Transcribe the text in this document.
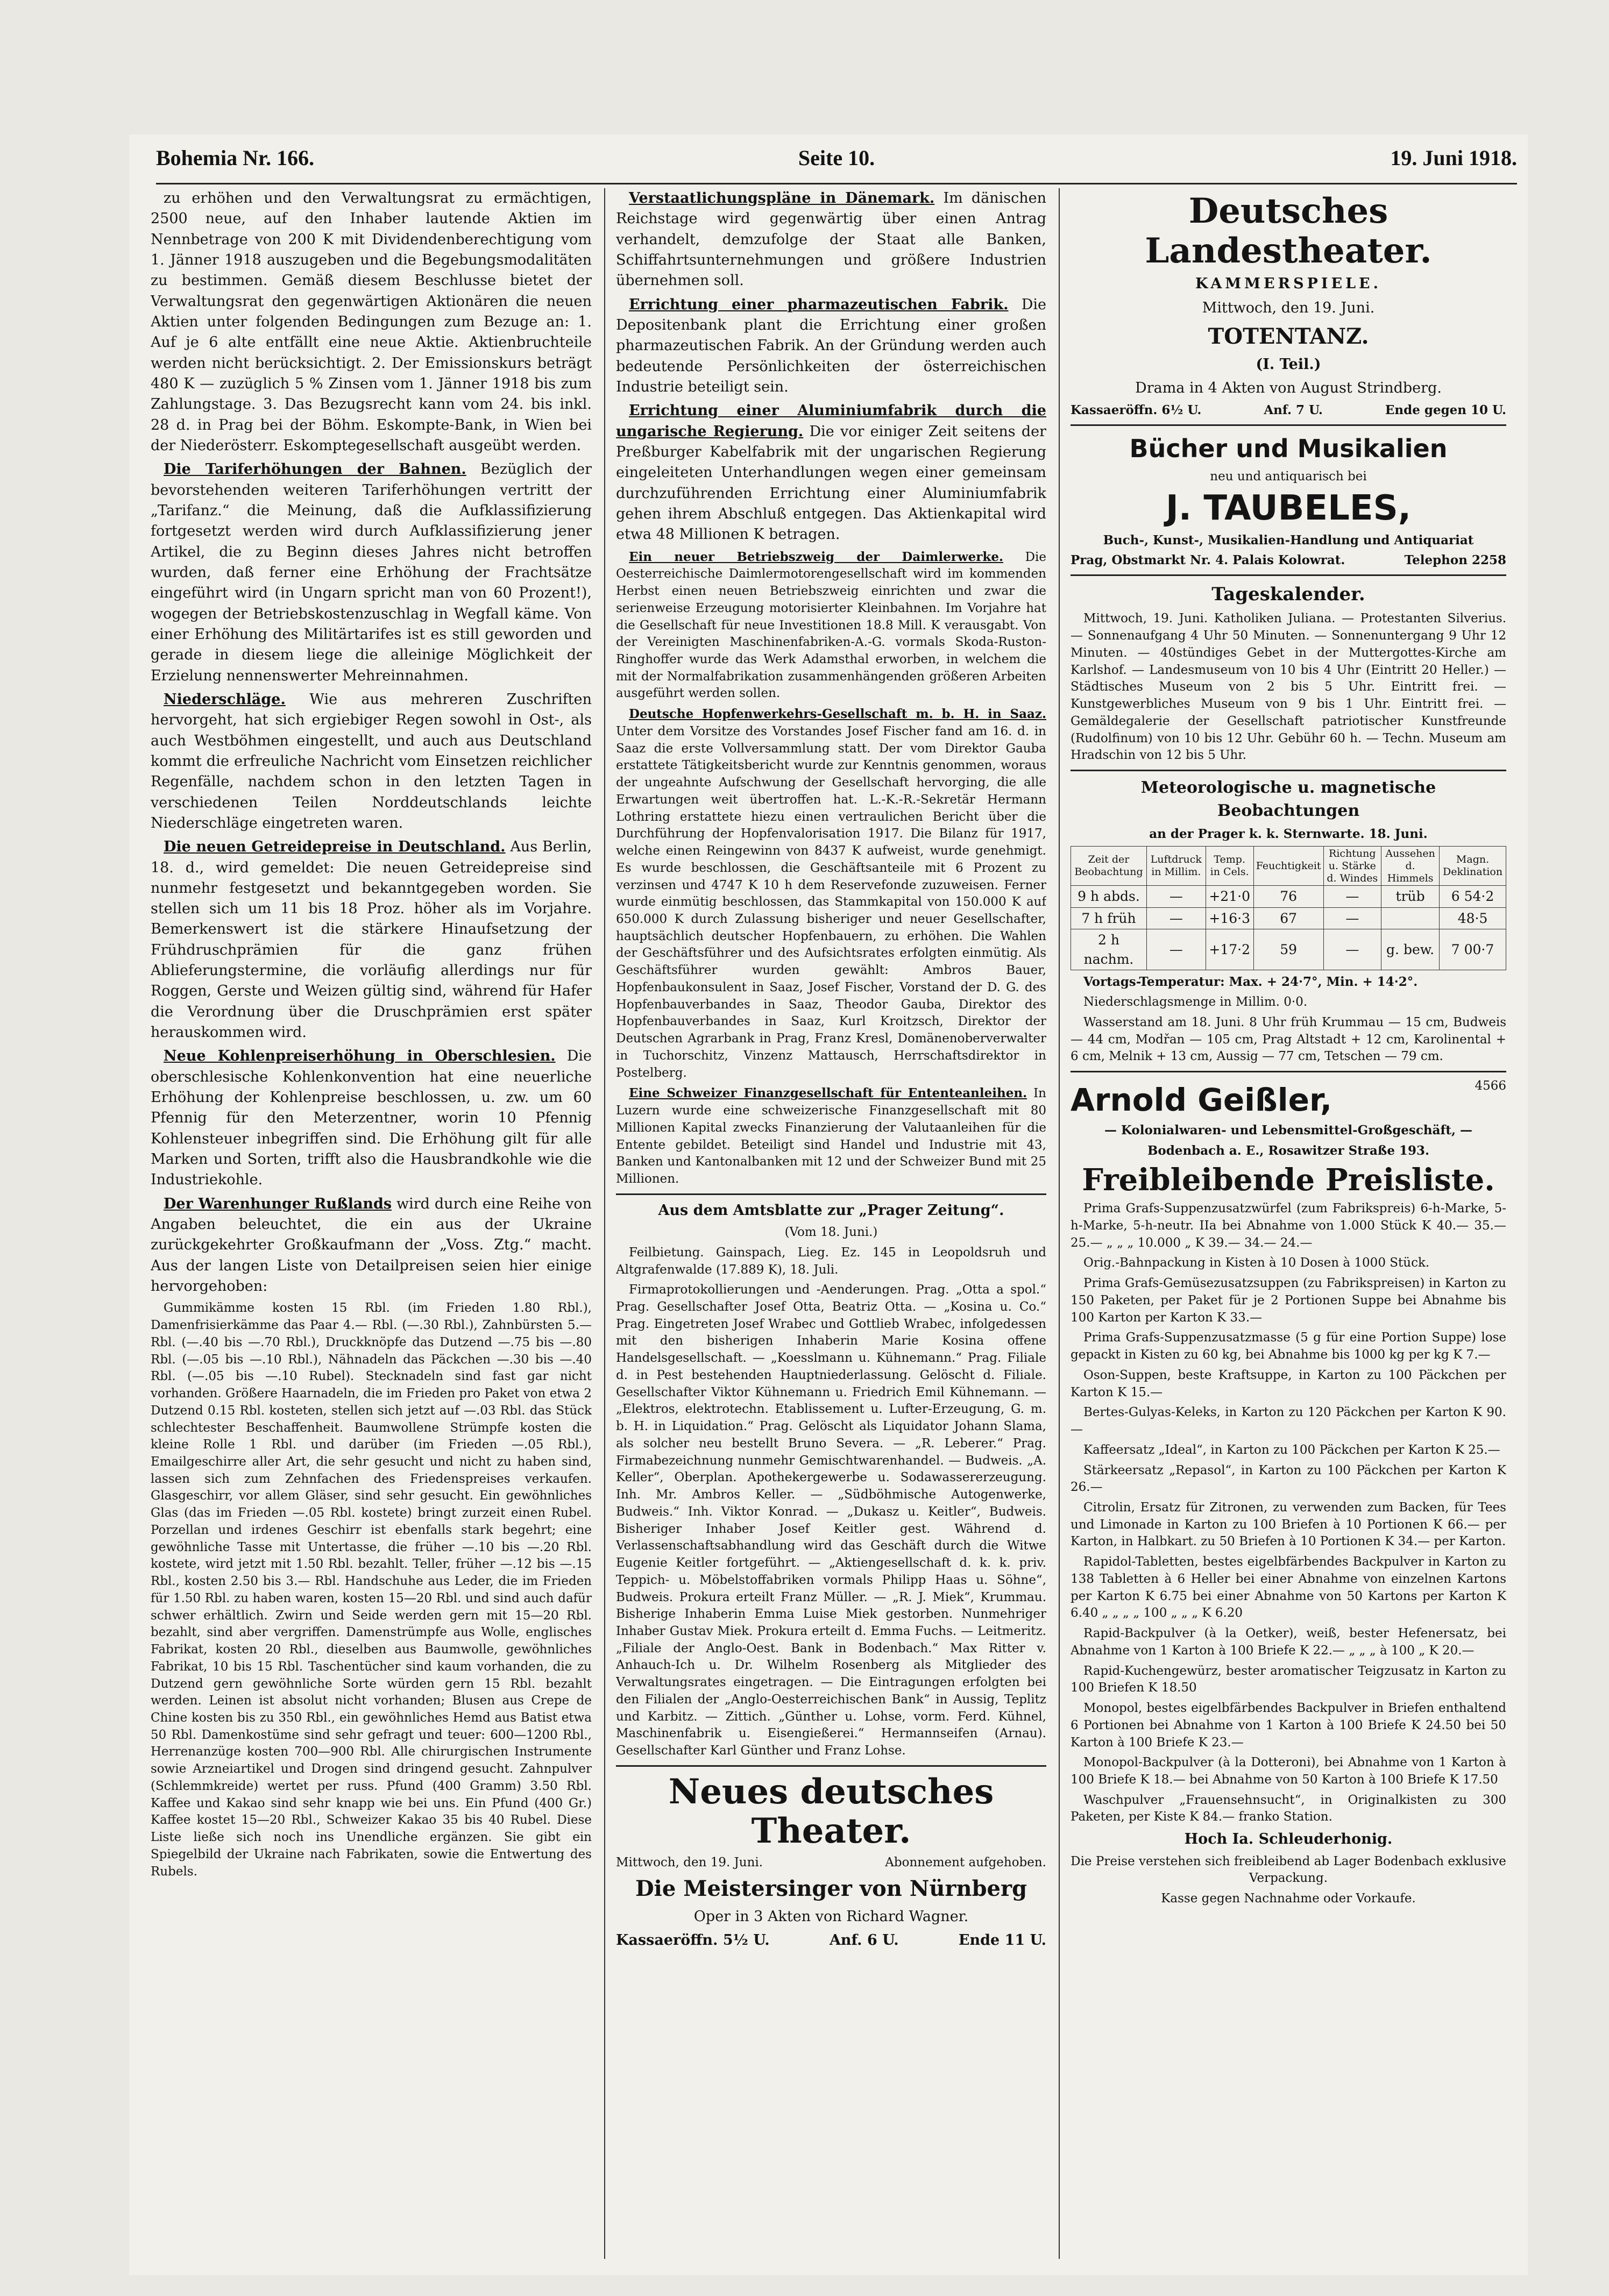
Bohemia Nr. 166.	Seite 10.	19. Juni 1918.

zu erhöhen und den Verwaltungsrat zu ermächtigen, 2500 neue, auf den Inhaber lautende Aktien im Nennbetrage von 200 K mit Dividendenberechtigung vom 1. Jänner 1918 auszugeben und die Begebungsmodalitäten zu bestimmen. Gemäß diesem Beschlusse bietet der Verwaltungsrat den gegenwärtigen Aktionären die neuen Aktien unter folgenden Bedingungen zum Bezuge an: 1. Auf je 6 alte entfällt eine neue Aktie. Aktienbruchteile werden nicht berücksichtigt. 2. Der Emissionskurs beträgt 480 K — zuzüglich 5 % Zinsen vom 1. Jänner 1918 bis zum Zahlungstage. 3. Das Bezugsrecht kann vom 24. bis inkl. 28 d. in Prag bei der Böhm. Eskompte-Bank, in Wien bei der Niederösterr. Eskomptegesellschaft ausgeübt werden.

Die Tariferhöhungen der Bahnen. Bezüglich der bevorstehenden weiteren Tariferhöhungen vertritt der „Tarifanz.“ die Meinung, daß die Aufklassifizierung fortgesetzt werden wird durch Aufklassifizierung jener Artikel, die zu Beginn dieses Jahres nicht betroffen wurden, daß ferner eine Erhöhung der Frachtsätze eingeführt wird (in Ungarn spricht man von 60 Prozent!), wogegen der Betriebskostenzuschlag in Wegfall käme. Von einer Erhöhung des Militärtarifes ist es still geworden und gerade in diesem liege die alleinige Möglichkeit der Erzielung nennenswerter Mehreinnahmen.

Niederschläge. Wie aus mehreren Zuschriften hervorgeht, hat sich ergiebiger Regen sowohl in Ost-, als auch Westböhmen eingestellt, und auch aus Deutschland kommt die erfreuliche Nachricht vom Einsetzen reichlicher Regenfälle, nachdem schon in den letzten Tagen in verschiedenen Teilen Norddeutschlands leichte Niederschläge eingetreten waren.

Die neuen Getreidepreise in Deutschland. Aus Berlin, 18. d., wird gemeldet: Die neuen Getreidepreise sind nunmehr festgesetzt und bekanntgegeben worden. Sie stellen sich um 11 bis 18 Proz. höher als im Vorjahre. Bemerkenswert ist die stärkere Hinaufsetzung der Frühdruschprämien für die ganz frühen Ablieferungstermine, die vorläufig allerdings nur für Roggen, Gerste und Weizen gültig sind, während für Hafer die Verordnung über die Druschprämien erst später herauskommen wird.

Neue Kohlenpreiserhöhung in Oberschlesien. Die oberschlesische Kohlenkonvention hat eine neuerliche Erhöhung der Kohlenpreise beschlossen, u. zw. um 60 Pfennig für den Meterzentner, worin 10 Pfennig Kohlensteuer inbegriffen sind. Die Erhöhung gilt für alle Marken und Sorten, trifft also die Hausbrandkohle wie die Industriekohle.

Der Warenhunger Rußlands wird durch eine Reihe von Angaben beleuchtet, die ein aus der Ukraine zurückgekehrter Großkaufmann der „Voss. Ztg.“ macht. Aus der langen Liste von Detailpreisen seien hier einige hervorgehoben:

Gummikämme kosten 15 Rbl. (im Frieden 1.80 Rbl.), Damenfrisierkämme das Paar 4.— Rbl. (—.30 Rbl.), Zahnbürsten 5.— Rbl. (—.40 bis —.70 Rbl.), Druckknöpfe das Dutzend —.75 bis —.80 Rbl. (—.05 bis —.10 Rbl.), Nähnadeln das Päckchen —.30 bis —.40 Rbl. (—.05 bis —.10 Rubel). Stecknadeln sind fast gar nicht vorhanden. Größere Haarnadeln, die im Frieden pro Paket von etwa 2 Dutzend 0.15 Rbl. kosteten, stellen sich jetzt auf —.03 Rbl. das Stück schlechtester Beschaffenheit. Baumwollene Strümpfe kosten die kleine Rolle 1 Rbl. und darüber (im Frieden —.05 Rbl.), Emailgeschirre aller Art, die sehr gesucht und nicht zu haben sind, lassen sich zum Zehnfachen des Friedenspreises verkaufen. Glasgeschirr, vor allem Gläser, sind sehr gesucht. Ein gewöhnliches Glas (das im Frieden —.05 Rbl. kostete) bringt zurzeit einen Rubel. Porzellan und irdenes Geschirr ist ebenfalls stark begehrt; eine gewöhnliche Tasse mit Untertasse, die früher —.10 bis —.20 Rbl. kostete, wird jetzt mit 1.50 Rbl. bezahlt. Teller, früher —.12 bis —.15 Rbl., kosten 2.50 bis 3.— Rbl. Handschuhe aus Leder, die im Frieden für 1.50 Rbl. zu haben waren, kosten 15—20 Rbl. und sind auch dafür schwer erhältlich. Zwirn und Seide werden gern mit 15—20 Rbl. bezahlt, sind aber vergriffen. Damenstrümpfe aus Wolle, englisches Fabrikat, kosten 20 Rbl., dieselben aus Baumwolle, gewöhnliches Fabrikat, 10 bis 15 Rbl. Taschentücher sind kaum vorhanden, die zu Dutzend gern gewöhnliche Sorte würden gern 15 Rbl. bezahlt werden. Leinen ist absolut nicht vorhanden; Blusen aus Crepe de Chine kosten bis zu 350 Rbl., ein gewöhnliches Hemd aus Batist etwa 50 Rbl. Damenkostüme sind sehr gefragt und teuer: 600—1200 Rbl., Herrenanzüge kosten 700—900 Rbl. Alle chirurgischen Instrumente sowie Arzneiartikel und Drogen sind dringend gesucht. Zahnpulver (Schlemmkreide) wertet per russ. Pfund (400 Gramm) 3.50 Rbl. Kaffee und Kakao sind sehr knapp wie bei uns. Ein Pfund (400 Gr.) Kaffee kostet 15—20 Rbl., Schweizer Kakao 35 bis 40 Rubel. Diese Liste ließe sich noch ins Unendliche ergänzen. Sie gibt ein Spiegelbild der Ukraine nach Fabrikaten, sowie die Entwertung des Rubels.

Verstaatlichungspläne in Dänemark. Im dänischen Reichstage wird gegenwärtig über einen Antrag verhandelt, demzufolge der Staat alle Banken, Schiffahrtsunternehmungen und größere Industrien übernehmen soll.

Errichtung einer pharmazeutischen Fabrik. Die Depositenbank plant die Errichtung einer großen pharmazeutischen Fabrik. An der Gründung werden auch bedeutende Persönlichkeiten der österreichischen Industrie beteiligt sein.

Errichtung einer Aluminiumfabrik durch die ungarische Regierung. Die vor einiger Zeit seitens der Preßburger Kabelfabrik mit der ungarischen Regierung eingeleiteten Unterhandlungen wegen einer gemeinsam durchzuführenden Errichtung einer Aluminiumfabrik gehen ihrem Abschluß entgegen. Das Aktienkapital wird etwa 48 Millionen K betragen.

Ein neuer Betriebszweig der Daimlerwerke. Die Oesterreichische Daimlermotorengesellschaft wird im kommenden Herbst einen neuen Betriebszweig einrichten und zwar die serienweise Erzeugung motorisierter Kleinbahnen. Im Vorjahre hat die Gesellschaft für neue Investitionen 18.8 Mill. K verausgabt. Von der Vereinigten Maschinenfabriken-A.-G. vormals Skoda-Ruston-Ringhoffer wurde das Werk Adamsthal erworben, in welchem die mit der Normalfabrikation zusammenhängenden größeren Arbeiten ausgeführt werden sollen.

Deutsche Hopfenwerkehrs-Gesellschaft m. b. H. in Saaz. Unter dem Vorsitze des Vorstandes Josef Fischer fand am 16. d. in Saaz die erste Vollversammlung statt. Der vom Direktor Gauba erstattete Tätigkeitsbericht wurde zur Kenntnis genommen, woraus der ungeahnte Aufschwung der Gesellschaft hervorging, die alle Erwartungen weit übertroffen hat. L.-K.-R.-Sekretär Hermann Lothring erstattete hiezu einen vertraulichen Bericht über die Durchführung der Hopfenvalorisation 1917. Die Bilanz für 1917, welche einen Reingewinn von 8437 K aufweist, wurde genehmigt. Es wurde beschlossen, die Geschäftsanteile mit 6 Prozent zu verzinsen und 4747 K 10 h dem Reservefonde zuzuweisen. Ferner wurde einmütig beschlossen, das Stammkapital von 150.000 K auf 650.000 K durch Zulassung bisheriger und neuer Gesellschafter, hauptsächlich deutscher Hopfenbauern, zu erhöhen. Die Wahlen der Geschäftsführer und des Aufsichtsrates erfolgten einmütig. Als Geschäftsführer wurden gewählt: Ambros Bauer, Hopfenbaukonsulent in Saaz, Josef Fischer, Vorstand der D. G. des Hopfenbauverbandes in Saaz, Theodor Gauba, Direktor des Hopfenbauverbandes in Saaz, Kurl Kroitzsch, Direktor der Deutschen Agrarbank in Prag, Franz Kresl, Domänenoberverwalter in Tuchorschitz, Vinzenz Mattausch, Herrschaftsdirektor in Postelberg.

Eine Schweizer Finanzgesellschaft für Ententeanleihen. In Luzern wurde eine schweizerische Finanzgesellschaft mit 80 Millionen Kapital zwecks Finanzierung der Valutaanleihen für die Entente gebildet. Beteiligt sind Handel und Industrie mit 43, Banken und Kantonalbanken mit 12 und der Schweizer Bund mit 25 Millionen.

Aus dem Amtsblatte zur „Prager Zeitung“.

(Vom 18. Juni.)

Feilbietung. Gainspach, Lieg. Ez. 145 in Leopoldsruh und Altgrafenwalde (17.889 K), 18. Juli.

Firmaprotokollierungen und -Aenderungen. Prag. „Otta a spol.“ Prag. Gesellschafter Josef Otta, Beatriz Otta. — „Kosina u. Co.“ Prag. Eingetreten Josef Wrabec und Gottlieb Wrabec, infolgedessen mit den bisherigen Inhaberin Marie Kosina offene Handelsgesellschaft. — „Koesslmann u. Kühnemann.“ Prag. Filiale d. in Pest bestehenden Hauptniederlassung. Gelöscht d. Filiale. Gesellschafter Viktor Kühnemann u. Friedrich Emil Kühnemann. — „Elektros, elektrotechn. Etablissement u. Lufter-Erzeugung, G. m. b. H. in Liquidation.“ Prag. Gelöscht als Liquidator Johann Slama, als solcher neu bestellt Bruno Severa. — „R. Leberer.“ Prag. Firmabezeichnung nunmehr Gemischtwarenhandel. — Budweis. „A. Keller“, Oberplan. Apothekergewerbe u. Sodawassererzeugung. Inh. Mr. Ambros Keller. — „Südböhmische Autogenwerke, Budweis.“ Inh. Viktor Konrad. — „Dukasz u. Keitler“, Budweis. Bisheriger Inhaber Josef Keitler gest. Während d. Verlassenschaftsabhandlung wird das Geschäft durch die Witwe Eugenie Keitler fortgeführt. — „Aktiengesellschaft d. k. k. priv. Teppich- u. Möbelstoffabriken vormals Philipp Haas u. Söhne“, Budweis. Prokura erteilt Franz Müller. — „R. J. Miek“, Krummau. Bisherige Inhaberin Emma Luise Miek gestorben. Nunmehriger Inhaber Gustav Miek. Prokura erteilt d. Emma Fuchs. — Leitmeritz. „Filiale der Anglo-Oest. Bank in Bodenbach.“ Max Ritter v. Anhauch-Ich u. Dr. Wilhelm Rosenberg als Mitglieder des Verwaltungsrates eingetragen. — Die Eintragungen erfolgten bei den Filialen der „Anglo-Oesterreichischen Bank“ in Aussig, Teplitz und Karbitz. — Zittich. „Günther u. Lohse, vorm. Ferd. Kühnel, Maschinenfabrik u. Eisengießerei.“ Hermannseifen (Arnau). Gesellschafter Karl Günther und Franz Lohse.

Neues deutsches Theater.

Mittwoch, den 19. Juni.	Abonnement aufgehoben.

Die Meistersinger von Nürnberg

Oper in 3 Akten von Richard Wagner.

Kassaeröffn. 5½ U.	Anf. 6 U.	Ende 11 U.

Deutsches Landestheater.

KAMMERSPIELE.

Mittwoch, den 19. Juni.

TOTENTANZ.

(I. Teil.)

Drama in 4 Akten von August Strindberg.

Kassaeröffn. 6½ U.	Anf. 7 U.	Ende gegen 10 U.

Bücher und Musikalien

neu und antiquarisch bei

J. TAUBELES,

Buch-, Kunst-, Musikalien-Handlung und Antiquariat

Prag, Obstmarkt Nr. 4. Palais Kolowrat.	Telephon 2258

Tageskalender.

Mittwoch, 19. Juni. Katholiken Juliana. — Protestanten Silverius. — Sonnenaufgang 4 Uhr 50 Minuten. — Sonnenuntergang 9 Uhr 12 Minuten. — 40stündiges Gebet in der Muttergottes-Kirche am Karlshof. — Landesmuseum von 10 bis 4 Uhr (Eintritt 20 Heller.) — Städtisches Museum von 2 bis 5 Uhr. Eintritt frei. — Kunstgewerbliches Museum von 9 bis 1 Uhr. Eintritt frei. — Gemäldegalerie der Gesellschaft patriotischer Kunstfreunde (Rudolfinum) von 10 bis 12 Uhr. Gebühr 60 h. — Techn. Museum am Hradschin von 12 bis 5 Uhr.

Meteorologische u. magnetische Beobachtungen

an der Prager k. k. Sternwarte. 18. Juni.

Zeit der Beobachtung	Luftdruck in Millim.	Temp. in Cels.	Feuchtigkeit	Richtung u. Stärke d. Windes	Aussehen d. Himmels	Magn. Deklination
9 h abds.	—	+21·0	76	—	trüb	6 54·2
7 h früh	—	+16·3	67	—		48·5
2 h nachm.	—	+17·2	59	—	g. bew.	7 00·7

Vortags-Temperatur: Max. + 24·7°, Min. + 14·2°.

Niederschlagsmenge in Millim. 0·0.

Wasserstand am 18. Juni. 8 Uhr früh Krummau — 15 cm, Budweis — 44 cm, Modřan — 105 cm, Prag Altstadt + 12 cm, Karolinental + 6 cm, Melnik + 13 cm, Aussig — 77 cm, Tetschen — 79 cm.

Arnold Geißler,	4566

— Kolonialwaren- und Lebensmittel-Großgeschäft, —

Bodenbach a. E., Rosawitzer Straße 193.

Freibleibende Preisliste.

Prima Grafs-Suppenzusatzwürfel (zum Fabrikspreis) 6-h-Marke, 5-h-Marke, 5-h-neutr. IIa bei Abnahme von 1.000 Stück K 40.— 35.— 25.— „ „ „ 10.000 „ K 39.— 34.— 24.—

Orig.-Bahnpackung in Kisten à 10 Dosen à 1000 Stück.

Prima Grafs-Gemüsezusatzsuppen (zu Fabrikspreisen) in Karton zu 150 Paketen, per Paket für je 2 Portionen Suppe bei Abnahme bis 100 Karton per Karton K 33.—

Prima Grafs-Suppenzusatzmasse (5 g für eine Portion Suppe) lose gepackt in Kisten zu 60 kg, bei Abnahme bis 1000 kg per kg K 7.—

Oson-Suppen, beste Kraftsuppe, in Karton zu 100 Päckchen per Karton K 15.—

Bertes-Gulyas-Keleks, in Karton zu 120 Päckchen per Karton K 90.—

Kaffeersatz „Ideal“, in Karton zu 100 Päckchen per Karton K 25.—

Stärkeersatz „Repasol“, in Karton zu 100 Päckchen per Karton K 26.—

Citrolin, Ersatz für Zitronen, zu verwenden zum Backen, für Tees und Limonade in Karton zu 100 Briefen à 10 Portionen K 66.— per Karton, in Halbkart. zu 50 Briefen à 10 Portionen K 34.— per Karton.

Rapidol-Tabletten, bestes eigelbfärbendes Backpulver in Karton zu 138 Tabletten à 6 Heller bei einer Abnahme von einzelnen Kartons per Karton K 6.75 bei einer Abnahme von 50 Kartons per Karton K 6.40 „ „ „ „ 100 „ „ „ K 6.20

Rapid-Backpulver (à la Oetker), weiß, bester Hefenersatz, bei Abnahme von 1 Karton à 100 Briefe K 22.— „ „ „ à 100 „ K 20.—

Rapid-Kuchengewürz, bester aromatischer Teigzusatz in Karton zu 100 Briefen K 18.50

Monopol, bestes eigelbfärbendes Backpulver in Briefen enthaltend 6 Portionen bei Abnahme von 1 Karton à 100 Briefe K 24.50 bei 50 Karton à 100 Briefe K 23.—

Monopol-Backpulver (à la Dotteroni), bei Abnahme von 1 Karton à 100 Briefe K 18.— bei Abnahme von 50 Karton à 100 Briefe K 17.50

Waschpulver „Frauensehnsucht“, in Originalkisten zu 300 Paketen, per Kiste K 84.— franko Station.

Hoch Ia. Schleuderhonig.

Die Preise verstehen sich freibleibend ab Lager Bodenbach exklusive Verpackung.

Kasse gegen Nachnahme oder Vorkaufe.
